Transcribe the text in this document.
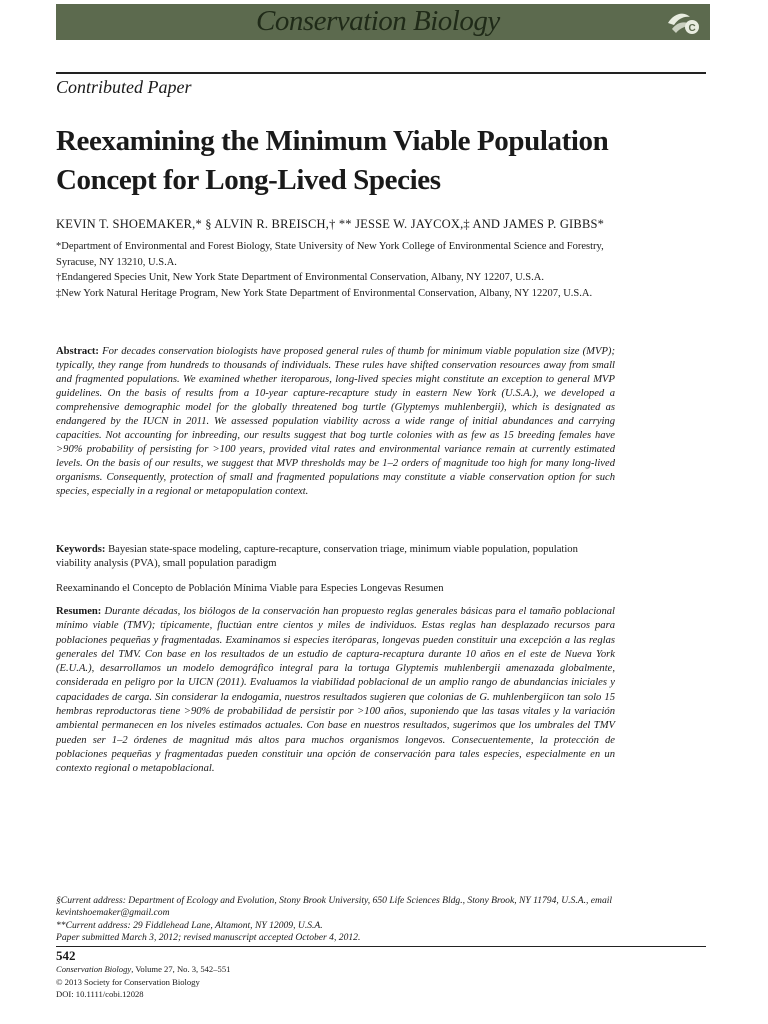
Conservation Biology	C
Contributed Paper
Reexamining the Minimum Viable Population Concept for Long-Lived Species
KEVIN T. SHOEMAKER,* § ALVIN R. BREISCH,† ** JESSE W. JAYCOX,‡ AND JAMES P. GIBBS*
*Department of Environmental and Forest Biology, State University of New York College of Environmental Science and Forestry,
Syracuse, NY 13210, U.S.A.
†Endangered Species Unit, New York State Department of Environmental Conservation, Albany, NY 12207, U.S.A.
‡New York Natural Heritage Program, New York State Department of Environmental Conservation, Albany, NY 12207, U.S.A.
Abstract: For decades conservation biologists have proposed general rules of thumb for minimum viable population size (MVP); typically, they range from hundreds to thousands of individuals. These rules have shifted conservation resources away from small and fragmented populations. We examined whether iteroparous, long-lived species might constitute an exception to general MVP guidelines. On the basis of results from a 10-year capture-recapture study in eastern New York (U.S.A.), we developed a comprehensive demographic model for the globally threatened bog turtle (Glyptemys muhlenbergii), which is designated as endangered by the IUCN in 2011. We assessed population viability across a wide range of initial abundances and carrying capacities. Not accounting for inbreeding, our results suggest that bog turtle colonies with as few as 15 breeding females have >90% probability of persisting for >100 years, provided vital rates and environmental variance remain at currently estimated levels. On the basis of our results, we suggest that MVP thresholds may be 1–2 orders of magnitude too high for many long-lived organisms. Consequently, protection of small and fragmented populations may constitute a viable conservation option for such species, especially in a regional or metapopulation context.
Keywords: Bayesian state-space modeling, capture-recapture, conservation triage, minimum viable population, population viability analysis (PVA), small population paradigm
Reexaminando el Concepto de Población Mínima Viable para Especies Longevas Resumen
Resumen: Durante décadas, los biólogos de la conservación han propuesto reglas generales básicas para el tamaño poblacional mínimo viable (TMV); típicamente, fluctúan entre cientos y miles de individuos. Estas reglas han desplazado recursos para poblaciones pequeñas y fragmentadas. Examinamos si especies iteróparas, longevas pueden constituir una excepción a las reglas generales del TMV. Con base en los resultados de un estudio de captura-recaptura durante 10 años en el este de Nueva York (E.U.A.), desarrollamos un modelo demográfico integral para la tortuga Glyptemis muhlenbergii amenazada globalmente, considerada en peligro por la UICN (2011). Evaluamos la viabilidad poblacional de un amplio rango de abundancias iniciales y capacidades de carga. Sin considerar la endogamia, nuestros resultados sugieren que colonias de G. muhlenbergiicon tan solo 15 hembras reproductoras tiene >90% de probabilidad de persistir por >100 años, suponiendo que las tasas vitales y la variación ambiental permanecen en los niveles estimados actuales. Con base en nuestros resultados, sugerimos que los umbrales del TMV pueden ser 1–2 órdenes de magnitud más altos para muchos organismos longevos. Consecuentemente, la protección de poblaciones pequeñas y fragmentadas pueden constituir una opción de conservación para tales especies, especialmente en un contexto regional o metapoblacional.
§Current address: Department of Ecology and Evolution, Stony Brook University, 650 Life Sciences Bldg., Stony Brook, NY 11794, U.S.A., email
kevintshoemaker@gmail.com
**Current address: 29 Fiddlehead Lane, Altamont, NY 12009, U.S.A.
Paper submitted March 3, 2012; revised manuscript accepted October 4, 2012.
542
Conservation Biology, Volume 27, No. 3, 542–551
© 2013 Society for Conservation Biology
DOI: 10.1111/cobi.12028
